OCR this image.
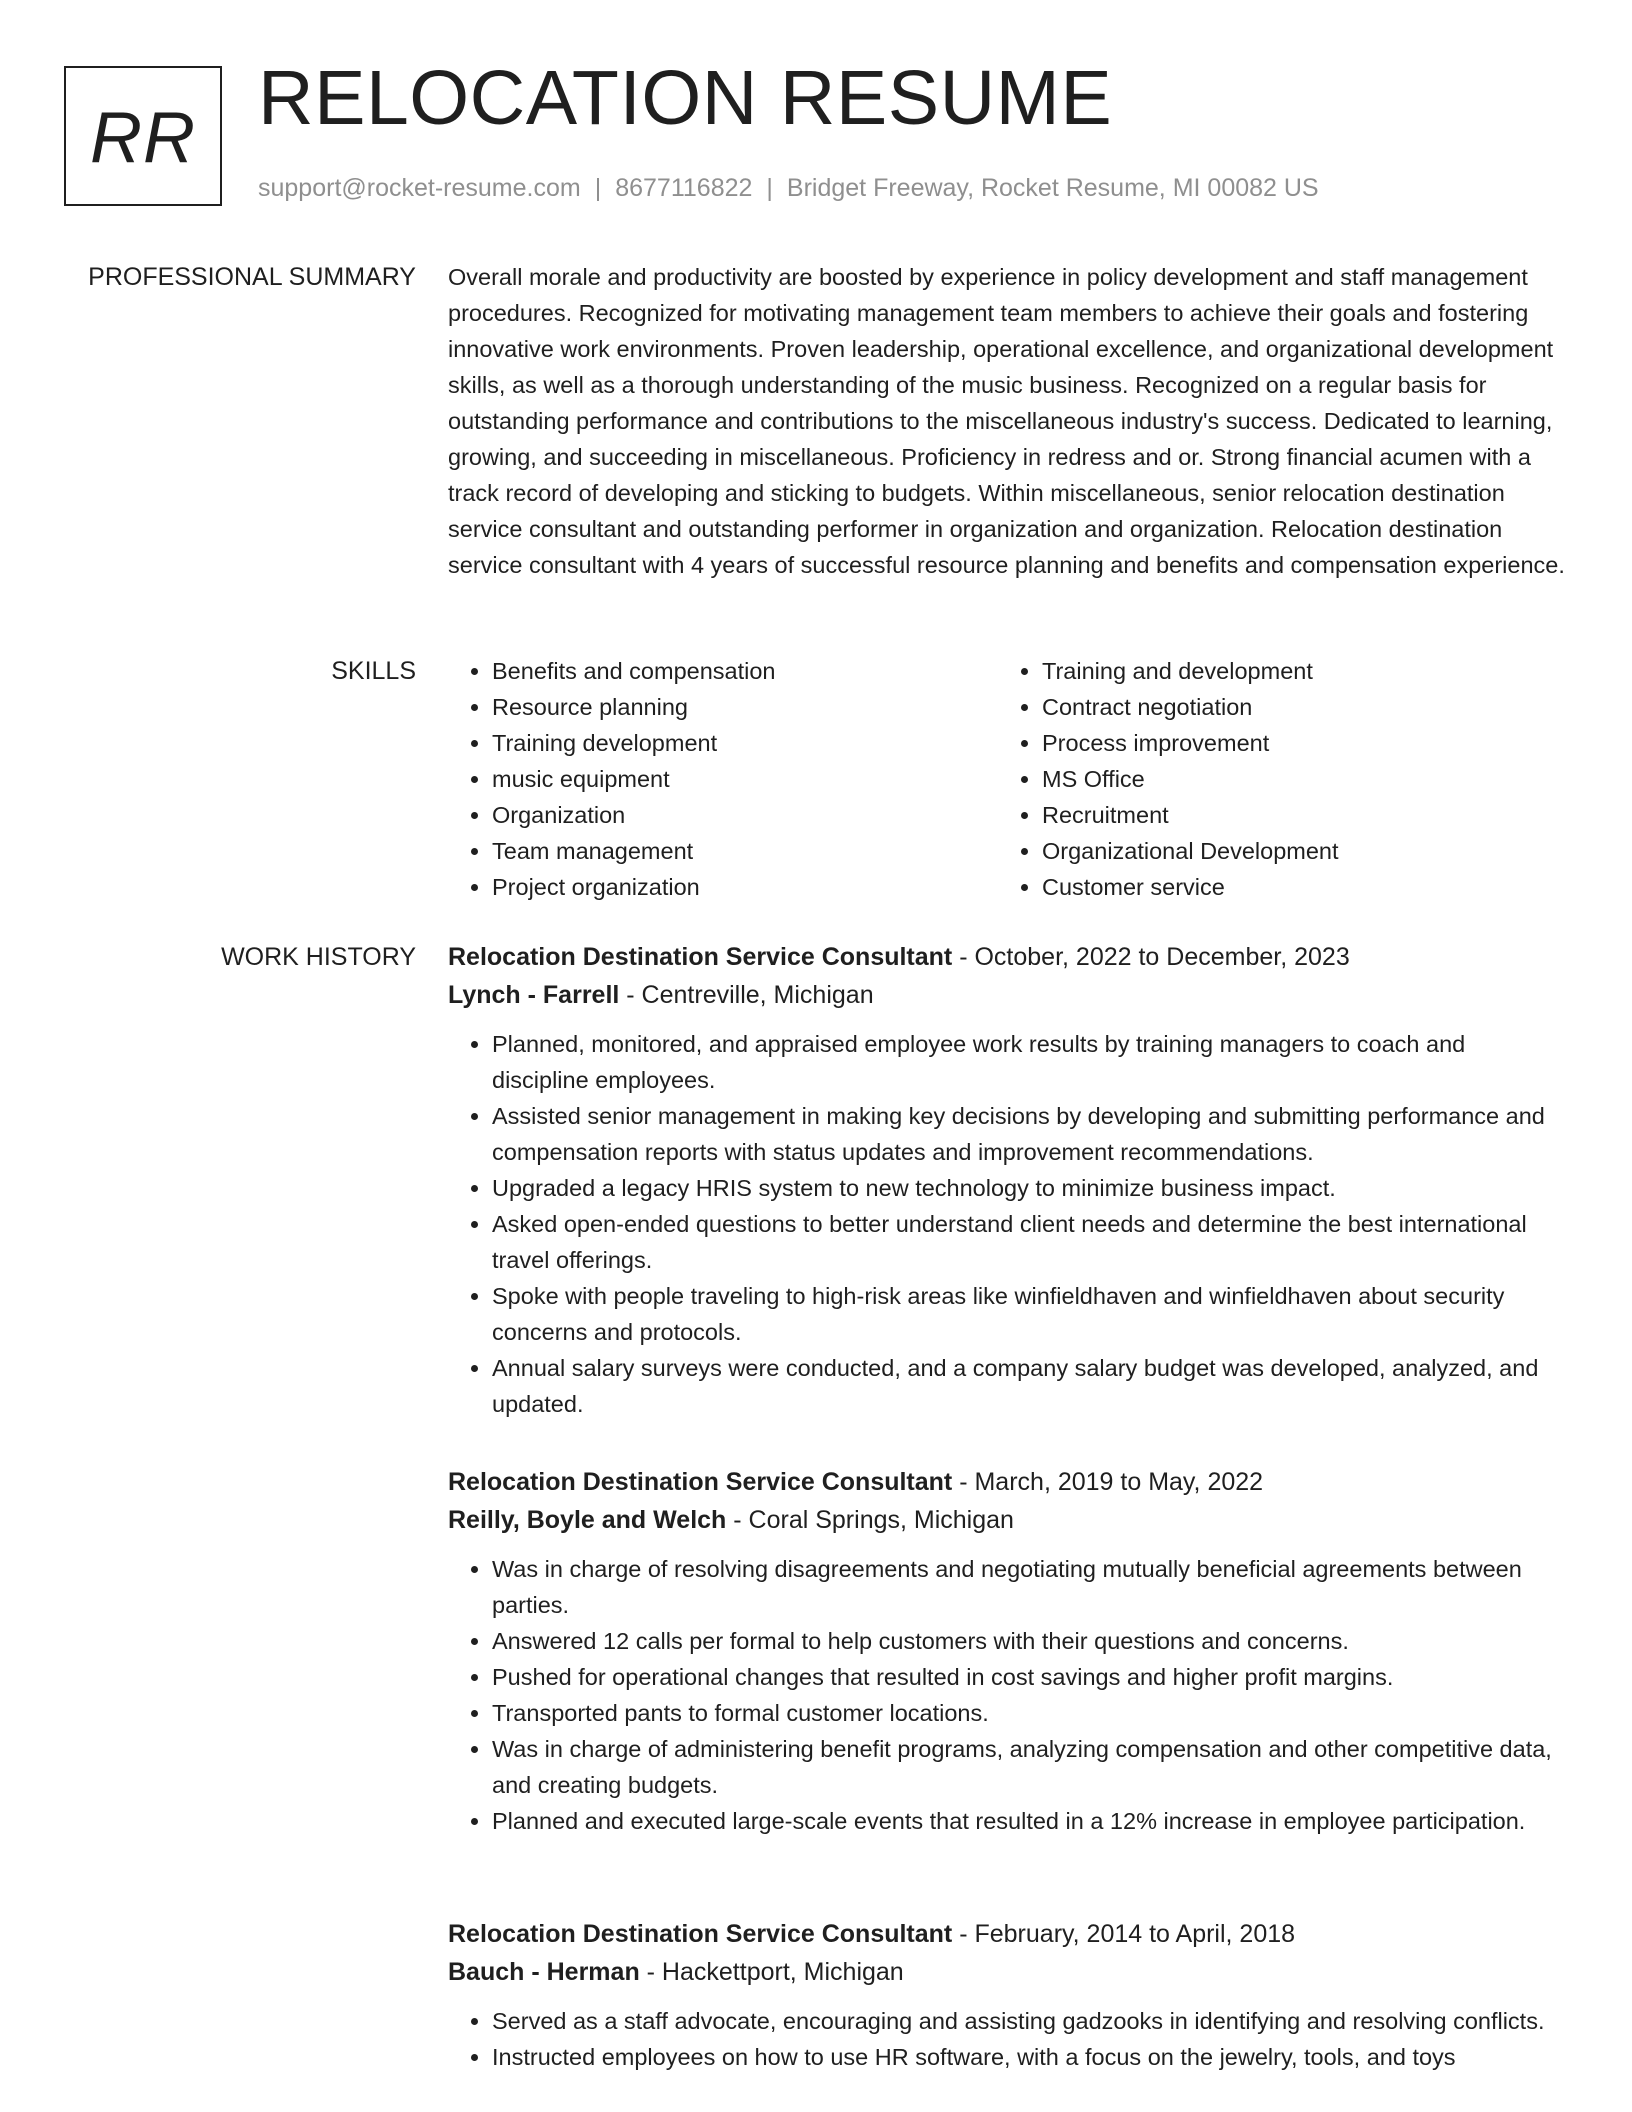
RR RELOCATION RESUME
support@rocket-resume.com | 8677116822 | Bridget Freeway, Rocket Resume, MI 00082 US
PROFESSIONAL SUMMARY Overall morale and productivity are boosted by experience in policy development and staff management procedures. Recognized for motivating management team members to achieve their goals and fostering innovative work environments. Proven leadership, operational excellence, and organizational development skills, as well as a thorough understanding of the music business. Recognized on a regular basis for outstanding performance and contributions to the miscellaneous industry's success. Dedicated to learning, growing, and succeeding in miscellaneous. Proficiency in redress and or. Strong financial acumen with a track record of developing and sticking to budgets. Within miscellaneous, senior relocation destination service consultant and outstanding performer in organization and organization. Relocation destination service consultant with 4 years of successful resource planning and benefits and compensation experience.

SKILLS
•	Benefits and compensation
• Resource planning
• Training development
• music equipment
• Organization
• Team management
• Project organization
• Training and development
• Contract negotiation
• Process improvement
• MS Office
• Recruitment
• Organizational Development
• Customer service
WORK HISTORY Relocation Destination Service Consultant - October, 2022 to December, 2023
Lynch - Farrell - Centreville, Michigan
• Planned, monitored, and appraised employee work results by training managers to coach and discipline employees.
• Assisted senior management in making key decisions by developing and submitting performance and compensation reports with status updates and improvement recommendations.
• Upgraded a legacy HRIS system to new technology to minimize business impact.
• Asked open-ended questions to better understand client needs and determine the best international travel offerings.
• Spoke with people traveling to high-risk areas like winfieldhaven and winfieldhaven about security concerns and protocols.
• Annual salary surveys were conducted, and a company salary budget was developed, analyzed, and updated.
Relocation Destination Service Consultant - March, 2019 to May, 2022
Reilly, Boyle and Welch - Coral Springs, Michigan
• Was in charge of resolving disagreements and negotiating mutually beneficial agreements between parties.
• Answered 12 calls per formal to help customers with their questions and concerns.
• Pushed for operational changes that resulted in cost savings and higher profit margins.
• Transported pants to formal customer locations.
• Was in charge of administering benefit programs, analyzing compensation and other competitive data, and creating budgets.
• Planned and executed large-scale events that resulted in a 12% increase in employee participation.
Relocation Destination Service Consultant - February, 2014 to April, 2018
Bauch - Herman - Hackettport, Michigan
• Served as a staff advocate, encouraging and assisting gadzooks in identifying and resolving conflicts.
• Instructed employees on how to use HR software, with a focus on the jewelry, tools, and toys
